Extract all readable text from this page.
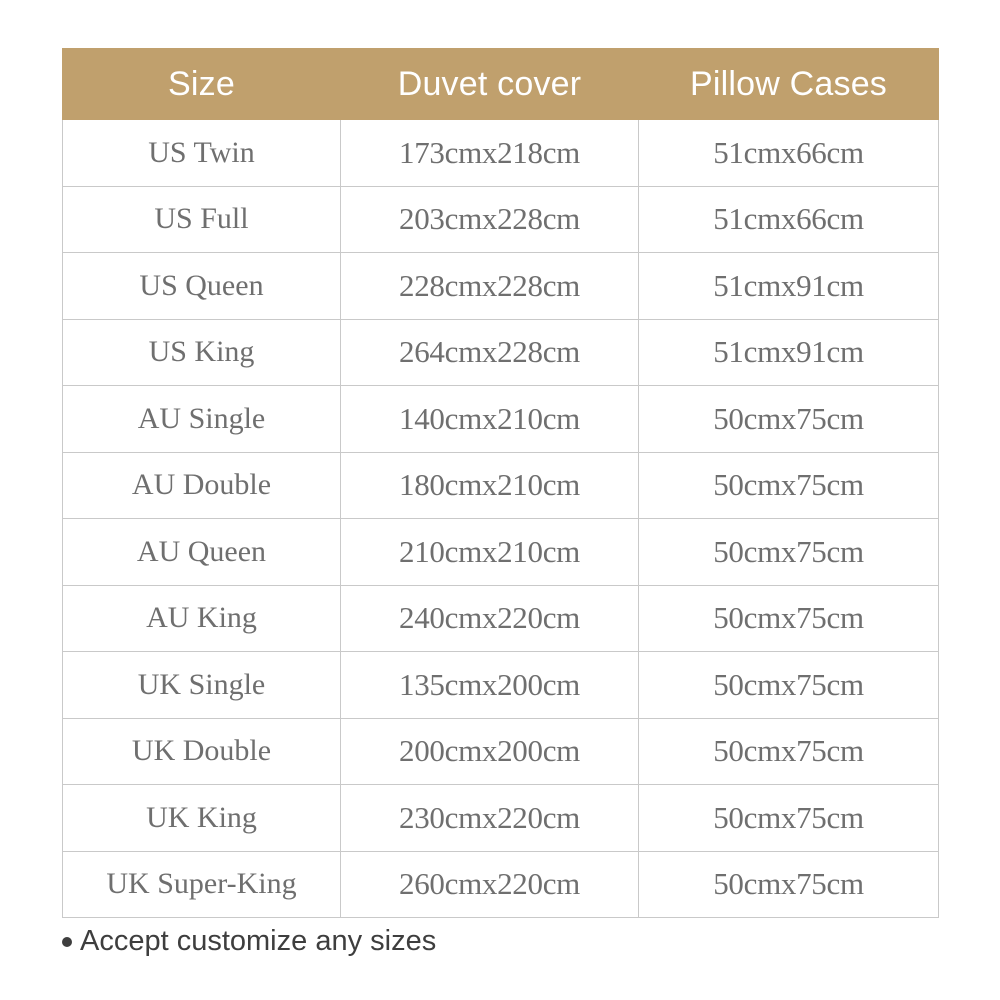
Size	Duvet cover	Pillow Cases
US Twin	173cmx218cm	51cmx66cm
US Full	203cmx228cm	51cmx66cm
US Queen	228cmx228cm	51cmx91cm
US King	264cmx228cm	51cmx91cm
AU Single	140cmx210cm	50cmx75cm
AU Double	180cmx210cm	50cmx75cm
AU Queen	210cmx210cm	50cmx75cm
AU King	240cmx220cm	50cmx75cm
UK Single	135cmx200cm	50cmx75cm
UK Double	200cmx200cm	50cmx75cm
UK King	230cmx220cm	50cmx75cm
UK Super-King	260cmx220cm	50cmx75cm
Accept customize any sizes
